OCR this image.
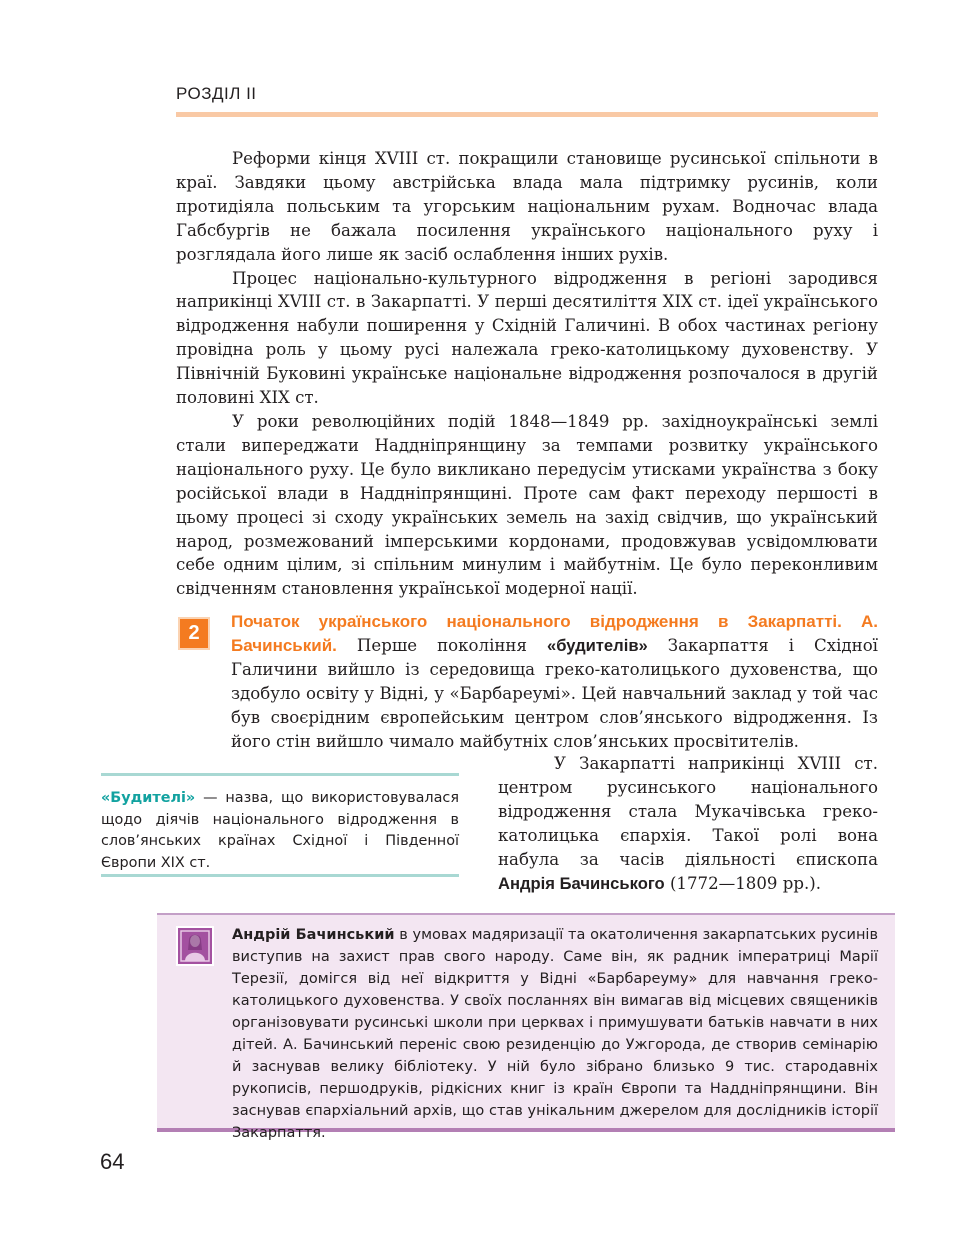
РОЗДІЛ ІІ

Реформи кінця XVIII ст. покращили становище русинської спільноти в краї. Завдяки цьому австрійська влада мала підтримку русинів, коли протидіяла польським та угорським національним рухам. Водночас влада Габсбургів не бажала посилення українського національного руху і розглядала його лише як засіб ослаблення інших рухів.

Процес національно-культурного відродження в регіоні зародився наприкінці XVIII ст. в Закарпатті. У перші десятиліття XIX ст. ідеї українського відродження набули поширення у Східній Галичині. В обох частинах регіону провідна роль у цьому русі належала греко-католицькому духовенству. У Північній Буковині українське національне відродження розпочалося в другій половині XIX ст.

У роки революційних подій 1848—1849 рр. західноукраїнські землі стали випереджати Наддніпрянщину за темпами розвитку українського національного руху. Це було викликано передусім утисками українства з боку російської влади в Наддніпрянщині. Проте сам факт переходу першості в цьому процесі зі сходу українських земель на захід свідчив, що український народ, розмежований імперськими кордонами, продовжував усвідомлювати себе одним цілим, зі спільним минулим і майбутнім. Це було переконливим свідченням становлення української модерної нації.

2
Початок українського національного відродження в Закарпатті. А. Бачинський. Перше покоління «будителів» Закарпаття і Східної Галичини вийшло із середовища греко-католицького духовенства, що здобуло освіту у Відні, у «Барбареумі». Цей навчальний заклад у той час був своєрідним європейським центром слов’янського відродження. Із його стін вийшло чимало майбутніх слов’янських просвітителів.
«Будителі» — назва, що використовувалася щодо діячів національного відродження в слов’янських країнах Східної і Південної Європи XIX ст.

У Закарпатті наприкінці XVIII ст. центром русинського національного відродження стала Мукачівська греко-католицька єпархія. Такої ролі вона набула за часів діяльності єпископа Андрія Бачинського (1772—1809 рр.).

Андрій Бачинський в умовах мадяризації та окатоличення закарпатських русинів виступив на захист прав свого народу. Саме він, як радник імператриці Марії Терезії, домігся від неї відкриття у Відні «Барбареуму» для навчання греко-католицького духовенства. У своїх посланнях він вимагав від місцевих священиків організовувати русинські школи при церквах і примушувати батьків навчати в них дітей. А. Бачинський переніс свою резиденцію до Ужгорода, де створив семінарію й заснував велику бібліотеку. У ній було зібрано близько 9 тис. стародавніх рукописів, першодруків, рідкісних книг із країн Європи та Наддніпрянщини. Він заснував єпархіальний архів, що став унікальним джерелом для дослідників історії Закарпаття.
64
